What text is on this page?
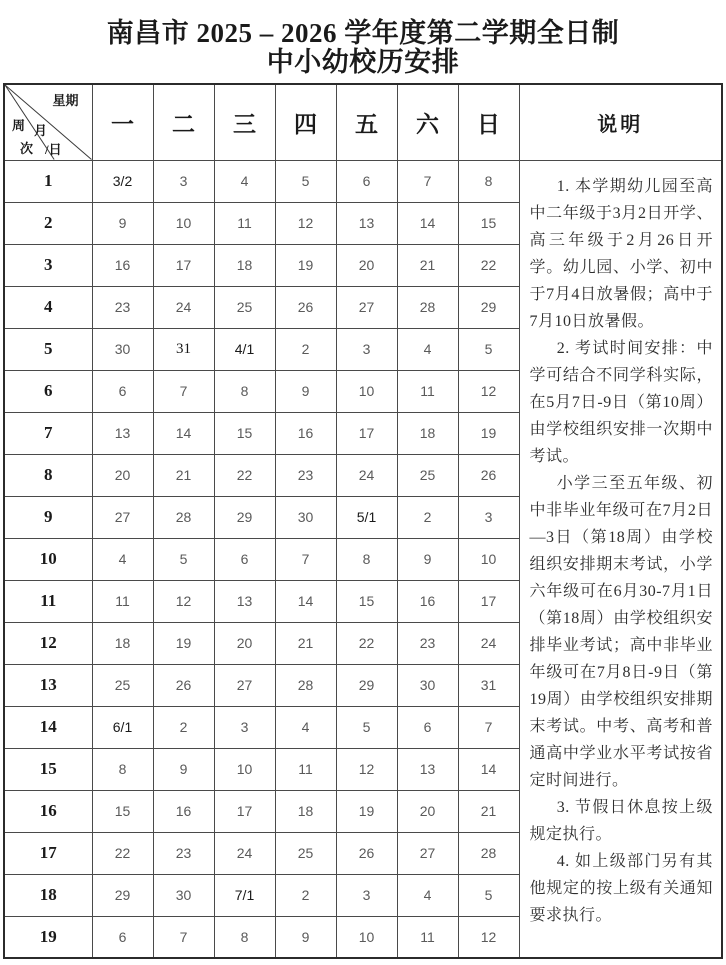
南昌市 2025 – 2026 学年度第二学期全日制
中小幼校历安排
星期
周 月
次 /日	一	二	三	四	五	六	日	说明
1	3/2	3	4	5	6	7	8	1. 本学期幼儿园至高中二年级于3月2日开学、高三年级于2月26日开学。幼儿园、小学、初中于7月4日放暑假；高中于7月10日放暑假。

2. 考试时间安排：中学可结合不同学科实际，在5月7日-9日（第10周）由学校组织安排一次期中考试。

小学三至五年级、初中非毕业年级可在7月2日—3日（第18周）由学校组织安排期末考试，小学六年级可在6月30-7月1日（第18周）由学校组织安排毕业考试；高中非毕业年级可在7月8日-9日（第19周）由学校组织安排期末考试。中考、高考和普通高中学业水平考试按省定时间进行。

3. 节假日休息按上级规定执行。

4. 如上级部门另有其他规定的按上级有关通知要求执行。

2	9	10	11	12	13	14	15	
3	16	17	18	19	20	21	22	
4	23	24	25	26	27	28	29	
5	30	31	4/1	2	3	4	5	
6	6	7	8	9	10	11	12	
7	13	14	15	16	17	18	19	
8	20	21	22	23	24	25	26	
9	27	28	29	30	5/1	2	3	
10	4	5	6	7	8	9	10	
11	11	12	13	14	15	16	17	
12	18	19	20	21	22	23	24	
13	25	26	27	28	29	30	31	
14	6/1	2	3	4	5	6	7	
15	8	9	10	11	12	13	14	
16	15	16	17	18	19	20	21	
17	22	23	24	25	26	27	28	
18	29	30	7/1	2	3	4	5	
19	6	7	8	9	10	11	12	
